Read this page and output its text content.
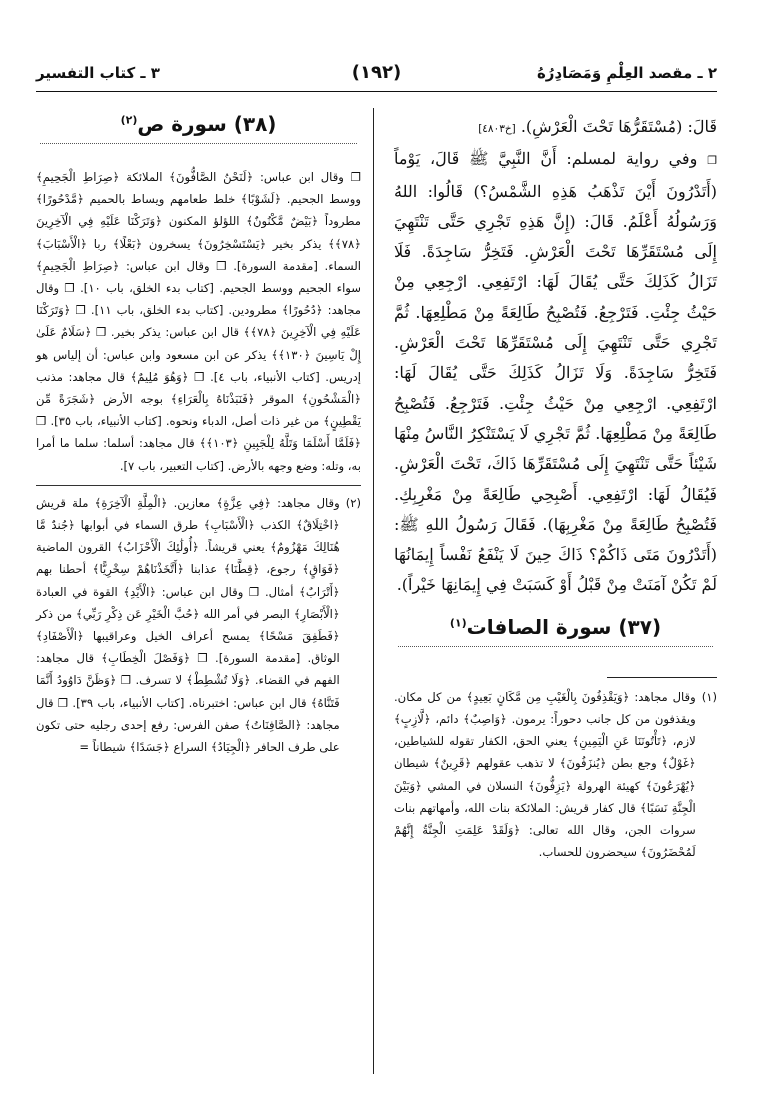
٣ ـ كتاب التفسير	(١٩٢)	٢ ـ مقصد العِلْمِ وَمَصَادِرُهُ

قَالَ: (مُسْتَقَرُّهَا تَحْتَ الْعَرْشِ). [خ٤٨٠٣]

❐ وفي رواية لمسلم: أَنَّ النَّبِيَّ ﷺ قَالَ، يَوْماً (أَتَدْرُونَ أَيْنَ تَذْهَبُ هَذِهِ الشَّمْسُ؟) قَالُوا: اللهُ وَرَسُولُهُ أَعْلَمُ. قَالَ: (إِنَّ هَذِهِ تَجْرِي حَتَّى تَنْتَهِيَ إِلَى مُسْتَقَرِّهَا تَحْتَ الْعَرْشِ. فَتَخِرُّ سَاجِدَةً. فَلَا تَزَالُ كَذَلِكَ حَتَّى يُقَالَ لَهَا: ارْتَفِعِي. ارْجِعِي مِنْ حَيْثُ جِئْتِ. فَتَرْجِعُ. فَتُصْبِحُ طَالِعَةً مِنْ مَطْلِعِهَا. ثُمَّ تَجْرِي حَتَّى تَنْتَهِيَ إِلَى مُسْتَقَرِّهَا تَحْتَ الْعَرْشِ. فَتَخِرُّ سَاجِدَةً. وَلَا تَزَالُ كَذَلِكَ حَتَّى يُقَالَ لَهَا: ارْتَفِعِي. ارْجِعِي مِنْ حَيْثُ جِئْتِ. فَتَرْجِعُ. فَتُصْبِحُ طَالِعَةً مِنْ مَطْلِعِهَا. ثُمَّ تَجْرِي لَا يَسْتَنْكِرُ النَّاسُ مِنْهَا شَيْئاً حَتَّى تَنْتَهِيَ إِلَى مُسْتَقَرِّهَا ذَاكَ، تَحْتَ الْعَرْشِ. فَيُقَالُ لَهَا: ارْتَفِعِي. أَصْبِحِي طَالِعَةً مِنْ مَغْرِبِكِ. فَتُصْبِحُ طَالِعَةً مِنْ مَغْرِبِهَا). فَقَالَ رَسُولُ اللهِ ﷺ: (أَتَدْرُونَ مَتَى ذَاكُمْ؟ ذَاكَ حِينَ لَا يَنْفَعُ نَفْساً إِيمَانُهَا لَمْ تَكُنْ آمَنَتْ مِنْ قَبْلُ أَوْ كَسَبَتْ فِي إِيمَانِهَا خَيْراً).

(٣٧) سورة الصافات$^{(١)}$
(١)
وقال مجاهد: ﴿وَيَقْذِفُونَ بِالْغَيْبِ مِن مَّكَانٍ بَعِيدٍ﴾ من كل مكان. ويقذفون من كل جانب دحوراً: يرمون. ﴿وَاصِبٌ﴾ دائم، ﴿لَّازِبٍ﴾ لازم، ﴿تَأْتُونَنَا عَنِ الْيَمِينِ﴾ يعني الحق، الكفار تقوله للشياطين، ﴿غَوْلٌ﴾ وجع بطن ﴿يُنزَفُونَ﴾ لا تذهب عقولهم ﴿قَرِينٌ﴾ شيطان ﴿يُهْرَعُونَ﴾ كهيئة الهرولة ﴿يَزِفُّونَ﴾ النسلان في المشي ﴿وَبَيْنَ الْجِنَّةِ نَسَبًا﴾ قال كفار قريش: الملائكة بنات الله، وأمهاتهم بنات سروات الجن، وقال الله تعالى: ﴿وَلَقَدْ عَلِمَتِ الْجِنَّةُ إِنَّهُمْ لَمُحْضَرُونَ﴾ سيحضرون للحساب.
(٣٨) سورة ص$^{(٢)}$
❐ وقال ابن عباس: ﴿لَنَحْنُ الصَّافُّونَ﴾ الملائكة ﴿صِرَاطِ الْجَحِيمِ﴾ ووسط الجحيم. ﴿لَشَوْبًا﴾ خلط طعامهم ويساط بالحميم ﴿مَّدْحُورًا﴾ مطروداً ﴿بَيْضٌ مَّكْنُونٌ﴾ اللؤلؤ المكنون ﴿وَتَرَكْنَا عَلَيْهِ فِي الْآخِرِينَ ﴿٧٨﴾﴾ يذكر بخير ﴿يَسْتَسْخِرُونَ﴾ يسخرون ﴿بَعْلًا﴾ ربا ﴿الْأَسْبَابَ﴾ السماء. [مقدمة السورة]. ❐ وقال ابن عباس: ﴿صِرَاطِ الْجَحِيمِ﴾ سواء الجحيم ووسط الجحيم. [كتاب بدء الخلق، باب ١٠]. ❐ وقال مجاهد: ﴿دُحُورًا﴾ مطرودين. [كتاب بدء الخلق، باب ١١]. ❐ ﴿وَتَرَكْنَا عَلَيْهِ فِي الْآخِرِينَ ﴿٧٨﴾﴾ قال ابن عباس: يذكر بخير. ❐ ﴿سَلَامٌ عَلَىٰ إِلْ يَاسِينَ ﴿١٣٠﴾﴾ يذكر عن ابن مسعود وابن عباس: أن إلياس هو إدريس. [كتاب الأنبياء، باب ٤]. ❐ ﴿وَهُوَ مُلِيمٌ﴾ قال مجاهد: مذنب ﴿الْمَشْحُونِ﴾ الموقر ﴿فَنَبَذْنَاهُ بِالْعَرَاءِ﴾ بوجه الأرض ﴿شَجَرَةً مِّن يَقْطِينٍ﴾ من غير ذات أصل، الدباء ونحوه. [كتاب الأنبياء، باب ٣٥]. ❐ ﴿فَلَمَّا أَسْلَمَا وَتَلَّهُ لِلْجَبِينِ ﴿١٠٣﴾﴾ قال مجاهد: أسلما: سلما ما أمرا به، وتله: وضع وجهه بالأرض. [كتاب التعبير، باب ٧].
(٢)
وقال مجاهد: ﴿فِي عِزَّةٍ﴾ معازين. ﴿الْمِلَّةِ الْآخِرَةِ﴾ ملة قريش ﴿اخْتِلَاقٌ﴾ الكذب ﴿الْأَسْبَابِ﴾ طرق السماء في أبوابها ﴿جُندٌ مَّا هُنَالِكَ مَهْزُومٌ﴾ يعني قريشاً. ﴿أُولَٰئِكَ الْأَحْزَابُ﴾ القرون الماضية ﴿فَوَاقٍ﴾ رجوع، ﴿قِطَّنَا﴾ عذابنا ﴿أَتَّخَذْنَاهُمْ سِخْرِيًّا﴾ أحطنا بهم ﴿أَتْرَابٌ﴾ أمثال. ❐ وقال ابن عباس: ﴿الْأَيْدِ﴾ القوة في العبادة ﴿الْأَبْصَارِ﴾ البصر في أمر الله ﴿حُبَّ الْخَيْرِ عَن ذِكْرِ رَبِّي﴾ من ذكر ﴿فَطَفِقَ مَسْحًا﴾ يمسح أعراف الخيل وعراقيبها ﴿الْأَصْفَادِ﴾ الوثاق. [مقدمة السورة]. ❐ ﴿وَفَصْلَ الْخِطَابِ﴾ قال مجاهد: الفهم في القضاء. ﴿وَلَا تُشْطِطْ﴾ لا تسرف. ❐ ﴿وَظَنَّ دَاوُودُ أَنَّمَا فَتَنَّاهُ﴾ قال ابن عباس: اختبرناه. [كتاب الأنبياء، باب ٣٩]. ❐ قال مجاهد: ﴿الصَّافِنَاتُ﴾ صفن الفرس: رفع إحدى رجليه حتى تكون على طرف الحافر ﴿الْجِيَادُ﴾ السراع ﴿جَسَدًا﴾ شيطاناً =
